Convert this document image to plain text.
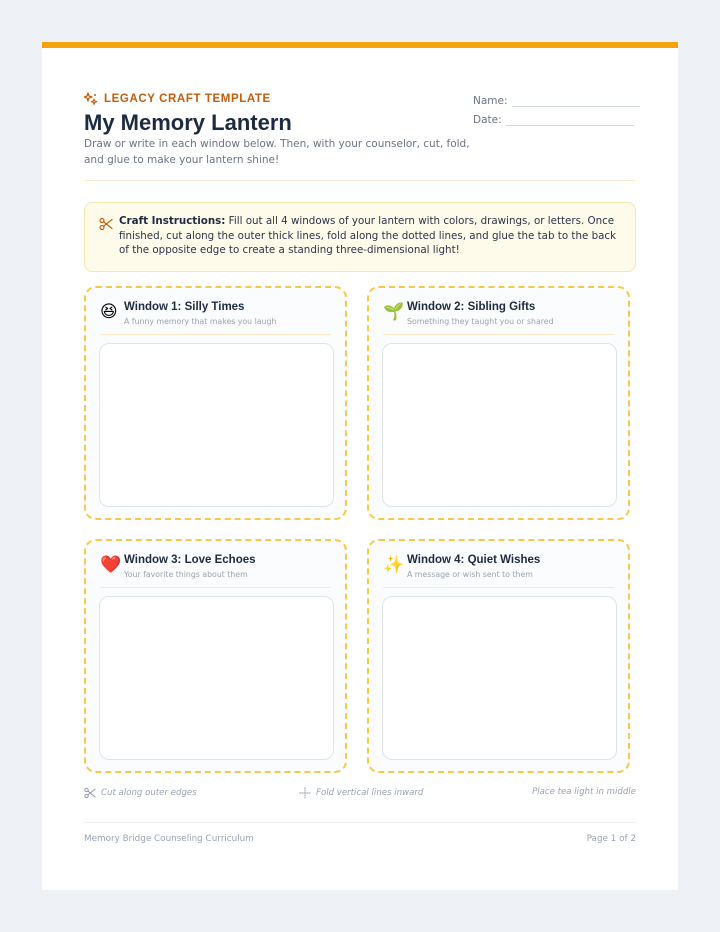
LEGACY CRAFT TEMPLATE
My Memory Lantern
Draw or write in each window below. Then, with your counselor, cut, fold, and glue to make your lantern shine!
Name:
Date:
Craft Instructions: Fill out all 4 windows of your lantern with colors, drawings, or letters. Once finished, cut along the outer thick lines, fold along the dotted lines, and glue the tab to the back of the opposite edge to create a standing three-dimensional light!
😆 Window 1: Silly Times
A funny memory that makes you laugh	🌱 Window 2: Sibling Gifts
Something they taught you or shared
❤️ Window 3: Love Echoes
Your favorite things about them	✨ Window 4: Quiet Wishes
A message or wish sent to them
Cut along outer edges	Fold vertical lines inward	Place tea light in middle
Memory Bridge Counseling Curriculum	Page 1 of 2
